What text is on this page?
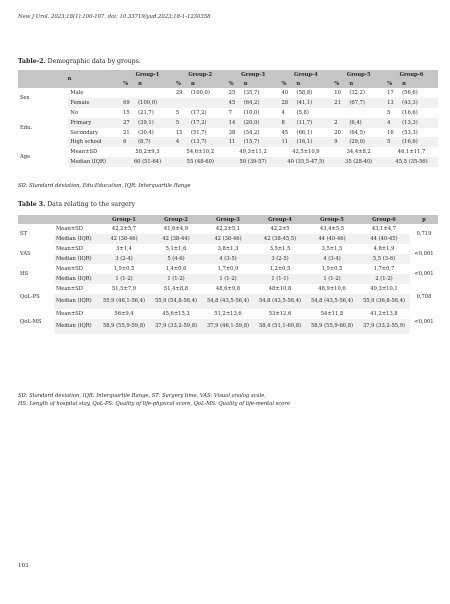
New J Urol. 2023;18(1):100-107. doi: 10.33719/yud.2023;18-1-1230358
Table-2. Demographic data by groups.
n		Group-1		Group-2		Group-3		Group-4		Group-5		Group-6	
		%	n	%	n	%	n	%	n	%	n	%	n
Sex	Male			29	(100,0)	25	(35,7)	40	(58,8)	10	(32,2)	17	(56,6)
	Female	69	(100,0)			45	(64,2)	28	(41,1)	21	(67,7)	13	(43,3)
Edu.	No	15	(21,7)	5	(17,2)	7	(10,0)	4	(5,8)			5	(16,6)
	Primary	27	(39,1)	5	(17,2)	14	(20,0)	8	(11,7)	2	(6,4)	4	(13,3)
	Secondary	21	(30,4)	15	(51,7)	38	(54,2)	45	(66,1)	20	(64,5)	16	(53,3)
	High school	6	(8,7)	4	(13,7)	11	(15,7)	11	(16,1)	9	(29,0)	5	(16,6)
Age	Mean±SD	58,2±9,3		54,6±10,2		49,3±11,2		42,5±10,9		34,4±8,2		46,1±11,7	
	Median (IQR)	60 (51-64)		55 (48-60)		50 (39-57)		40 (35,5-47,5)		35 (28-40)		45,5 (35-56)	
SD: Standard deviation, Edu:Education, IQR: Interquartile Range
Table 3. Data relating to the surgery
		Group-1	Group-2	Group-3	Group-4	Group-5	Group-6	p
ST	Mean±SD	42,2±5,7	41,6±4,9	42,2±5,1	42,2±5	43,4±5,5	43,1±4,7	0,719
	Median (IQR)	42 (38-46)	42 (38-44)	42 (38-46)	42 (38-45,5)	44 (40-46)	44 (40-45)	
VAS	Mean±SD	3±1,4	5,1±1,6	3,8±1,3	3,5±1,5	3,5±1,5	4,8±1,9	<0,001
	Median (IQR)	3 (2-4)	5 (4-6)	4 (3-5)	3 (2-5)	4 (3-4)	5,5 (3-6)	
HS	Mean±SD	1,5±0,5	1,4±0,6	1,7±0,9	1,2±0,5	1,5±0,5	1,7±0,7	<0,001
	Median (IQR)	1 (1-2)	1 (1-2)	1 (1-2)	1 (1-1)	1 (1-2)	2 (1-2)	
QoL-PS	Mean±SD	51,5±7,9	51,4±8,8	48,6±9,8	48±10,8	48,9±10,6	49,3±10,1	0,708
	Median (IQR)	55,9 (46,1-56,4)	55,9 (54,8-56,4)	54,8 (43,5-56,4)	54,8 (43,5-56,4)	54,8 (43,5-56,4)	55,9 (36,8-56,4)	
QoL-MS	Mean±SD	56±9,4	45,6±15,3	51,2±13,6	53±12,6	54±11,8	41,2±13,8	<0,001
	Median (IQR)	58,9 (55,9-59,8)	37,9 (33,2-59,8)	37,9 (46,1-59,8)	58,4 (51,1-60,8)	58,9 (55,9-60,8)	37,9 (33,2-55,9)	
SD: Standard deviation, IQR: Interquartile Range, ST: Surgery time, VAS: Visual analog scale,
HS: Length of hospital stay, QoL-PS: Quality of life-physical score, QoL-MS: Quality of life-mental score
103
